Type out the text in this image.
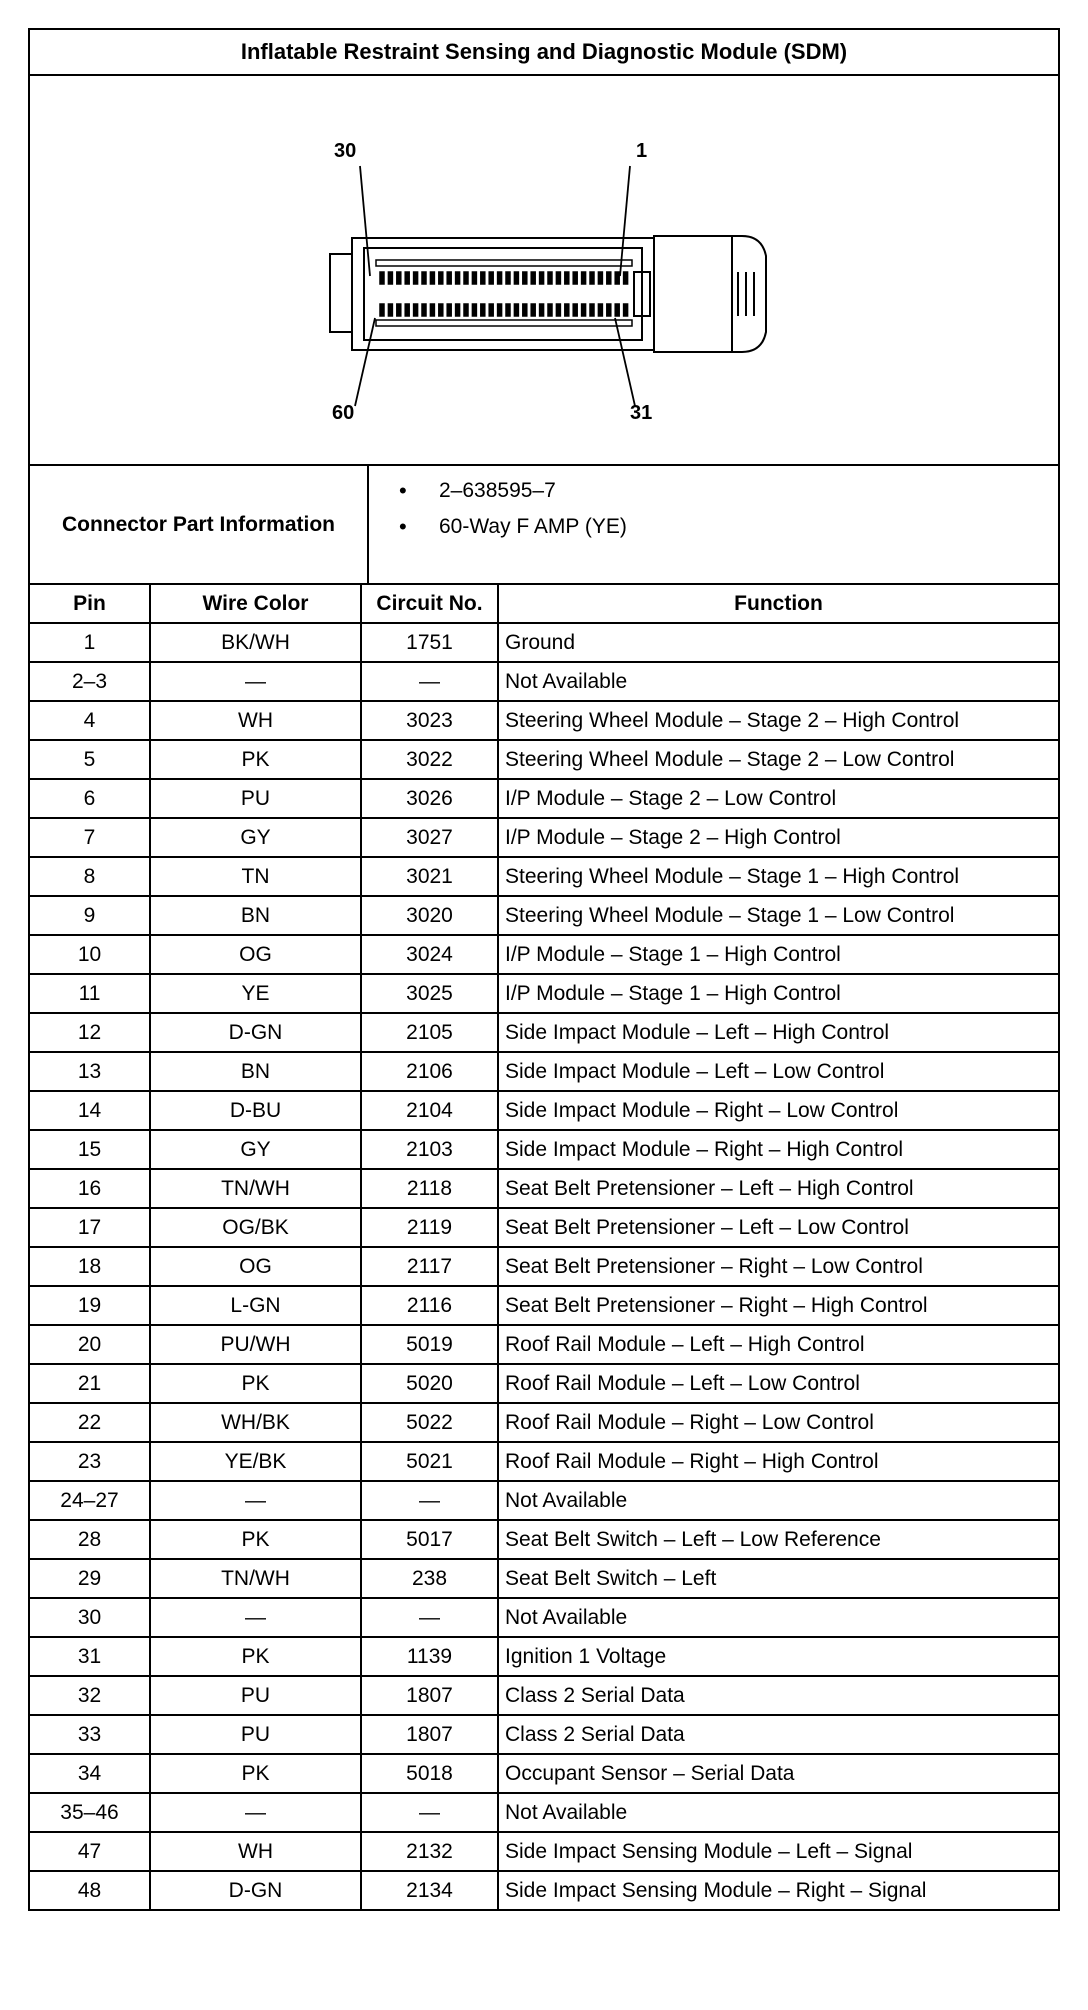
Inflatable Restraint Sensing and Diagnostic Module (SDM)
30	1
60	31
Connector Part Information
• 2–638595–7
• 60-Way F AMP (YE)
Pin	Wire Color	Circuit No.	Function
1	BK/WH	1751	Ground
2–3	—	—	Not Available
4	WH	3023	Steering Wheel Module – Stage 2 – High Control
5	PK	3022	Steering Wheel Module – Stage 2 – Low Control
6	PU	3026	I/P Module – Stage 2 – Low Control
7	GY	3027	I/P Module – Stage 2 – High Control
8	TN	3021	Steering Wheel Module – Stage 1 – High Control
9	BN	3020	Steering Wheel Module – Stage 1 – Low Control
10	OG	3024	I/P Module – Stage 1 – High Control
11	YE	3025	I/P Module – Stage 1 – High Control
12	D-GN	2105	Side Impact Module – Left – High Control
13	BN	2106	Side Impact Module – Left – Low Control
14	D-BU	2104	Side Impact Module – Right – Low Control
15	GY	2103	Side Impact Module – Right – High Control
16	TN/WH	2118	Seat Belt Pretensioner – Left – High Control
17	OG/BK	2119	Seat Belt Pretensioner – Left – Low Control
18	OG	2117	Seat Belt Pretensioner – Right – Low Control
19	L-GN	2116	Seat Belt Pretensioner – Right – High Control
20	PU/WH	5019	Roof Rail Module – Left – High Control
21	PK	5020	Roof Rail Module – Left – Low Control
22	WH/BK	5022	Roof Rail Module – Right – Low Control
23	YE/BK	5021	Roof Rail Module – Right – High Control
24–27	—	—	Not Available
28	PK	5017	Seat Belt Switch – Left – Low Reference
29	TN/WH	238	Seat Belt Switch – Left
30	—	—	Not Available
31	PK	1139	Ignition 1 Voltage
32	PU	1807	Class 2 Serial Data
33	PU	1807	Class 2 Serial Data
34	PK	5018	Occupant Sensor – Serial Data
35–46	—	—	Not Available
47	WH	2132	Side Impact Sensing Module – Left – Signal
48	D-GN	2134	Side Impact Sensing Module – Right – Signal
